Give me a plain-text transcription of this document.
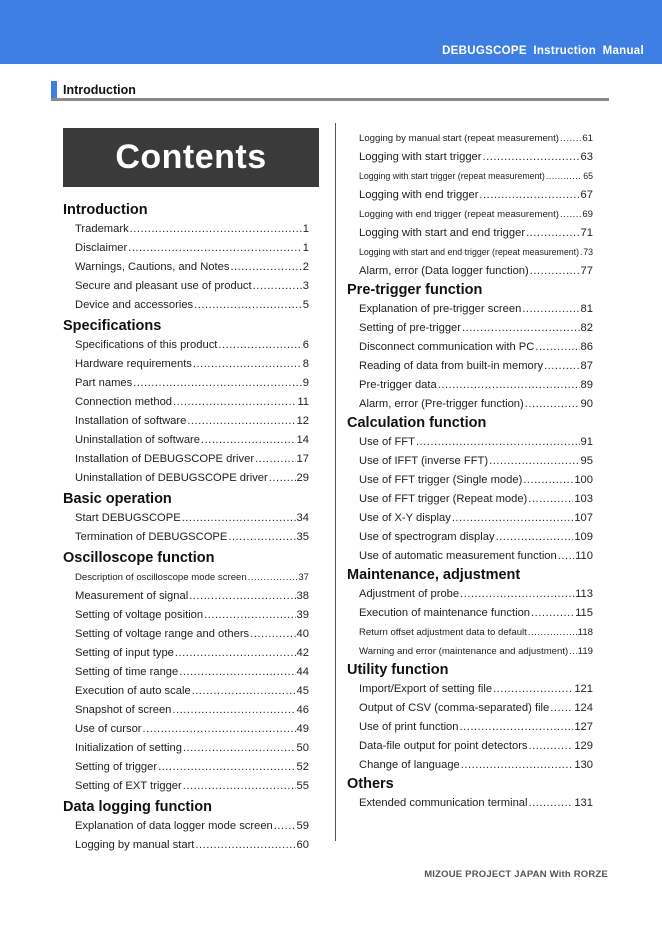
DEBUGSCOPE Instruction Manual
Introduction
Contents
Introduction
Trademark .....	1
Disclaimer .....	1
Warnings, Cautions, and Notes .....	2
Secure and pleasant use of product .....	3
Device and accessories .....	5
Specifications
Specifications of this product .....	6
Hardware requirements .....	8
Part names .....	9
Connection method .....	11
Installation of software .....	12
Uninstallation of software .....	14
Installation of DEBUGSCOPE driver .....	17
Uninstallation of DEBUGSCOPE driver .....	29
Basic operation
Start DEBUGSCOPE .....	34
Termination of DEBUGSCOPE .....	35
Oscilloscope function
Description of oscilloscope mode screen .....	37
Measurement of signal .....	38
Setting of voltage position .....	39
Setting of voltage range and others .....	40
Setting of input type .....	42
Setting of time range .....	44
Execution of auto scale .....	45
Snapshot of screen .....	46
Use of cursor .....	49
Initialization of setting .....	50
Setting of trigger .....	52
Setting of EXT trigger .....	55
Data logging function
Explanation of data logger mode screen ..... 59
Logging by manual start .....	60
Logging by manual start (repeat measurement) ..... 61
Logging with start trigger .....	63
Logging with start trigger (repeat measurement) .....	65
Logging with end trigger .....	67
Logging with end trigger (repeat measurement) ..... 69
Logging with start and end trigger .....	71
Logging with start and end trigger (repeat measurement) ..... 73
Alarm, error (Data logger function) .....	77
Pre-trigger function
Explanation of pre-trigger screen .....	81
Setting of pre-trigger .....	82
Disconnect communication with PC .....	86
Reading of data from built-in memory .....	87
Pre-trigger data .....	89
Alarm, error (Pre-trigger function) .....	90
Calculation function
Use of FFT .....	91
Use of IFFT (inverse FFT) .....	95
Use of FFT trigger (Single mode) .....	100
Use of FFT trigger (Repeat mode) .....	103
Use of X-Y display .....	107
Use of spectrogram display .....	109
Use of automatic measurement function ..... 110
Maintenance, adjustment
Adjustment of probe .....	113
Execution of maintenance function .....	115
Return offset adjustment data to default .....	118
Warning and error (maintenance and adjustment) ..... 119
Utility function
Import/Export of setting file .....	121
Output of CSV (comma-separated) file ..... 124
Use of print function .....	127
Data-file output for point detectors .....	129
Change of language .....	130
Others
Extended communication terminal .....	131
MIZOUE PROJECT JAPAN With RORZE
